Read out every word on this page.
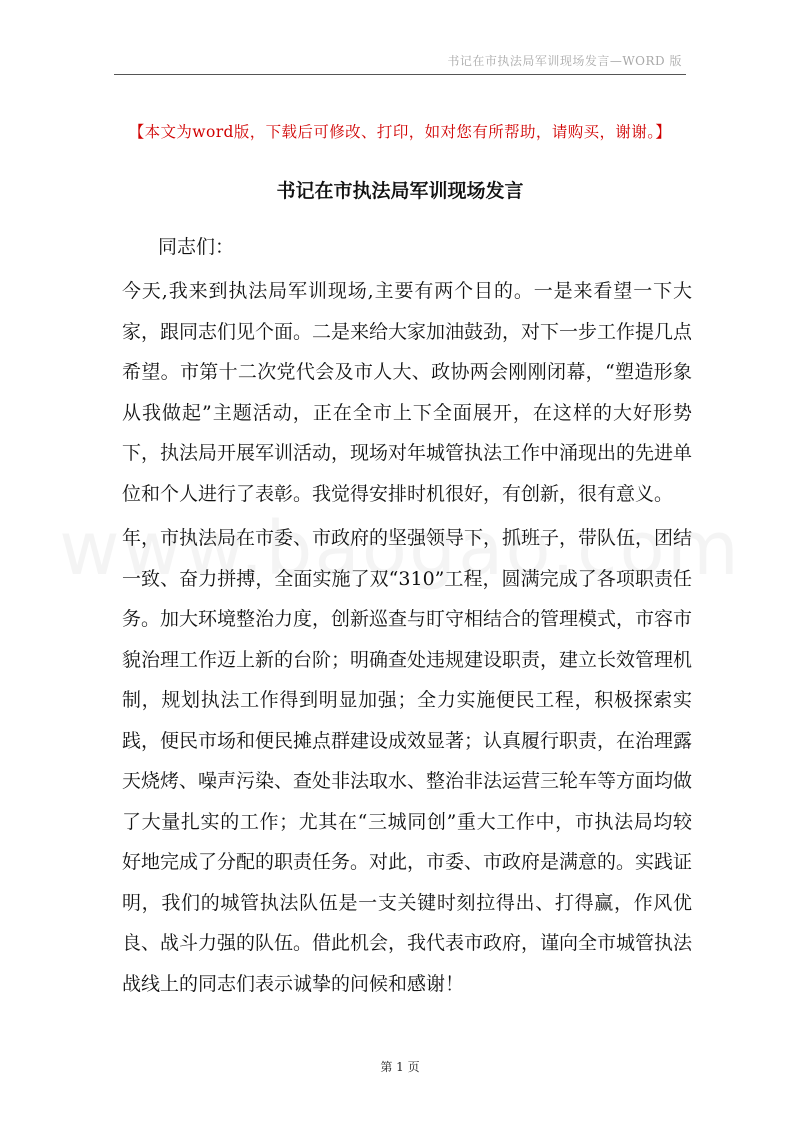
书记在市执法局军训现场发言—WORD 版
【本文为word版，下载后可修改、打印，如对您有所帮助，请购买，谢谢。】
书记在市执法局军训现场发言
同志们：
今天,我来到执法局军训现场,主要有两个目的。一是来看望一下大家，跟同志们见个面。二是来给大家加油鼓劲，对下一步工作提几点希望。市第十二次党代会及市人大、政协两会刚刚闭幕，“塑造形象从我做起”主题活动，正在全市上下全面展开，在这样的大好形势下，执法局开展军训活动，现场对年城管执法工作中涌现出的先进单位和个人进行了表彰。我觉得安排时机很好，有创新，很有意义。
年，市执法局在市委、市政府的坚强领导下，抓班子，带队伍，团结一致、奋力拼搏，全面实施了双“310”工程，圆满完成了各项职责任务。加大环境整治力度，创新巡查与盯守相结合的管理模式，市容市貌治理工作迈上新的台阶；明确查处违规建设职责，建立长效管理机制，规划执法工作得到明显加强；全力实施便民工程，积极探索实践，便民市场和便民摊点群建设成效显著；认真履行职责，在治理露天烧烤、噪声污染、查处非法取水、整治非法运营三轮车等方面均做了大量扎实的工作；尤其在“三城同创”重大工作中，市执法局均较好地完成了分配的职责任务。对此，市委、市政府是满意的。实践证明，我们的城管执法队伍是一支关键时刻拉得出、打得赢，作风优良、战斗力强的队伍。借此机会，我代表市政府，谨向全市城管执法战线上的同志们表示诚挚的问候和感谢！
第 1 页
